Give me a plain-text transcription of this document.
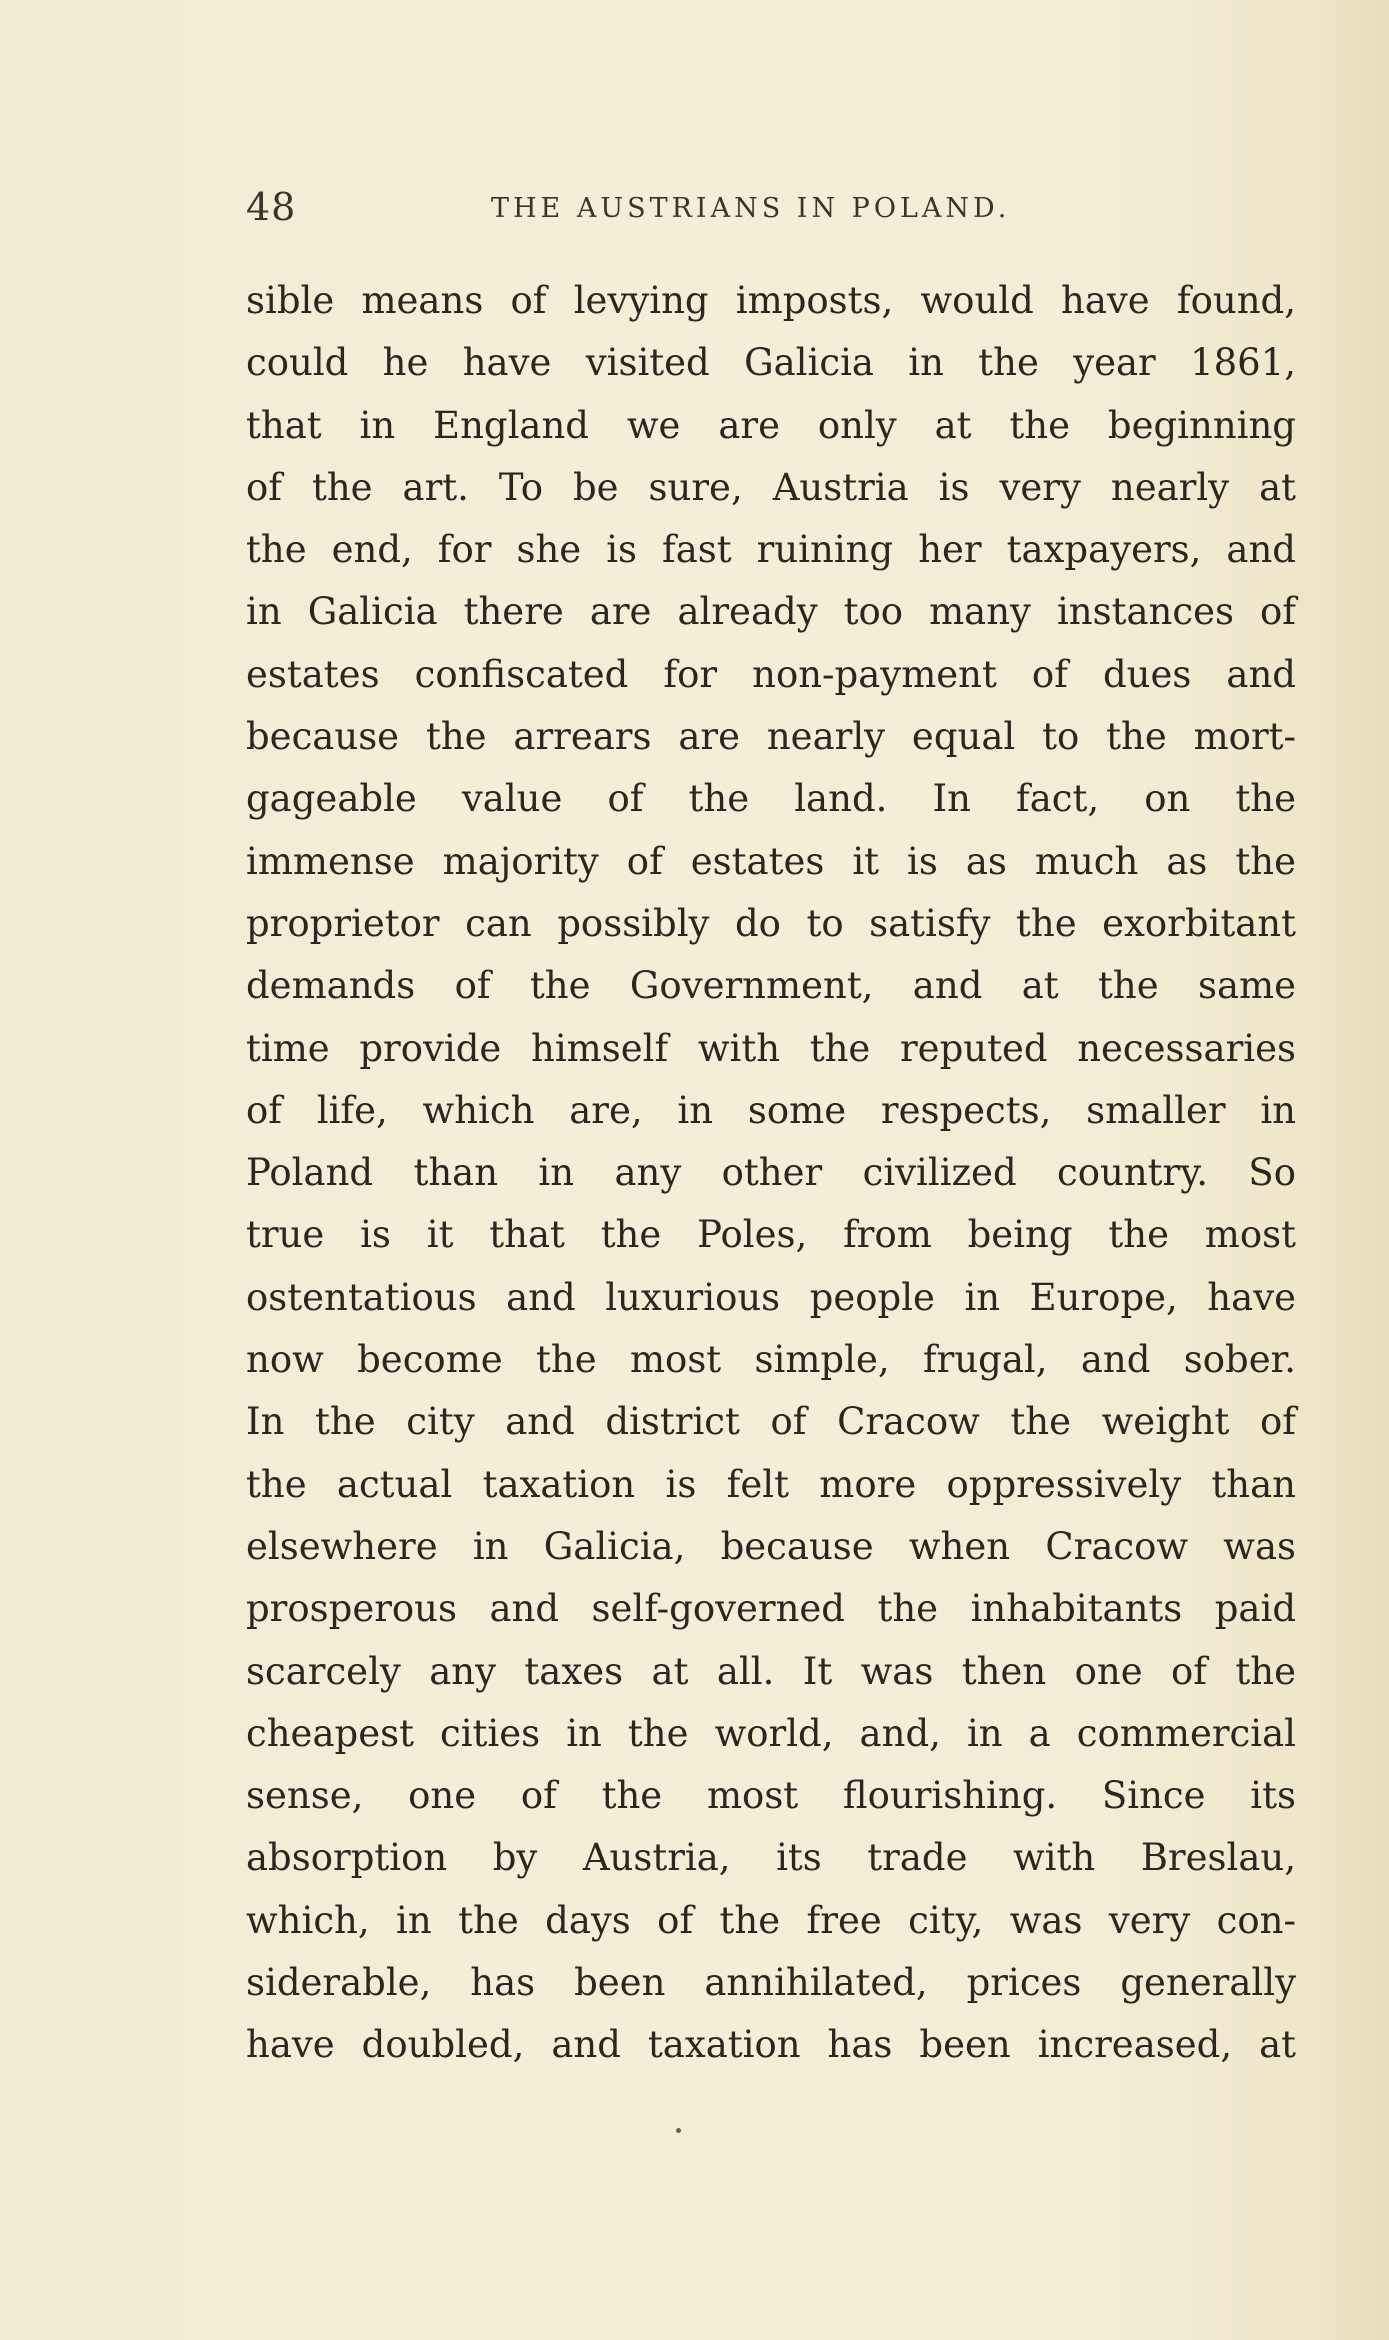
48	THE AUSTRIANS IN POLAND.
sible means of levying imposts, would have found,
could he have visited Galicia in the year 1861,
that in England we are only at the beginning
of the art. To be sure, Austria is very nearly at
the end, for she is fast ruining her taxpayers, and
in Galicia there are already too many instances of
estates confiscated for non-payment of dues and
because the arrears are nearly equal to the mort-
gageable value of the land. In fact, on the
immense majority of estates it is as much as the
proprietor can possibly do to satisfy the exorbitant
demands of the Government, and at the same
time provide himself with the reputed necessaries
of life, which are, in some respects, smaller in
Poland than in any other civilized country. So
true is it that the Poles, from being the most
ostentatious and luxurious people in Europe, have
now become the most simple, frugal, and sober.
In the city and district of Cracow the weight of
the actual taxation is felt more oppressively than
elsewhere in Galicia, because when Cracow was
prosperous and self-governed the inhabitants paid
scarcely any taxes at all. It was then one of the
cheapest cities in the world, and, in a commercial
sense, one of the most flourishing. Since its
absorption by Austria, its trade with Breslau,
which, in the days of the free city, was very con-
siderable, has been annihilated, prices generally
have doubled, and taxation has been increased, at
